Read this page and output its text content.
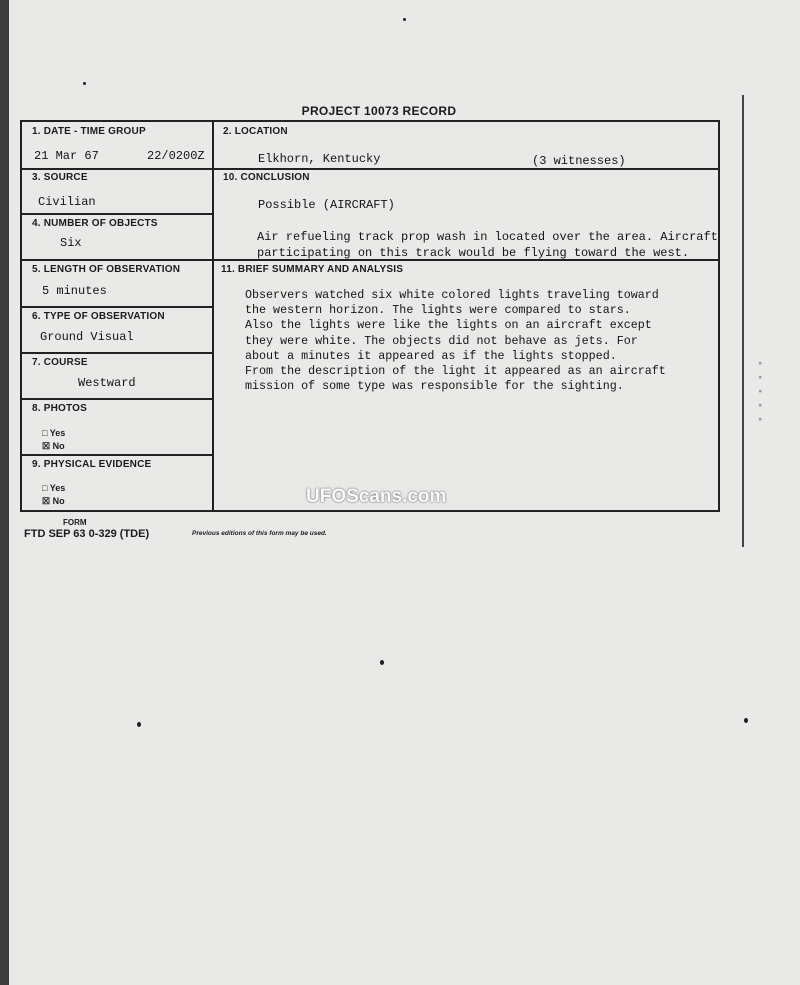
▪ ▪ ▪ ▪ ▪
PROJECT 10073 RECORD
1. DATE - TIME GROUP
21 Mar 67	22/0200Z
2. LOCATION
Elkhorn, Kentucky	(3 witnesses)
3. SOURCE
Civilian
10. CONCLUSION
Possible (AIRCRAFT)
Air refueling track prop wash in located over the area. Aircraft participating on this track would be flying toward the west.
4. NUMBER OF OBJECTS
Six
5. LENGTH OF OBSERVATION
5 minutes
11. BRIEF SUMMARY AND ANALYSIS
6. TYPE OF OBSERVATION
Ground Visual
7. COURSE
Westward
8. PHOTOS
□ Yes
☒ No
9. PHYSICAL EVIDENCE
□ Yes
☒ No
Observers watched six white colored lights traveling toward
the western horizon. The lights were compared to stars.
Also the lights were like the lights on an aircraft except
they were white. The objects did not behave as jets. For
about a minutes it appeared as if the lights stopped.
From the description of the light it appeared as an aircraft
mission of some type was responsible for the sighting.
FORM
FTD SEP 63 0-329 (TDE)	Previous editions of this form may be used.
UFOScans.com
